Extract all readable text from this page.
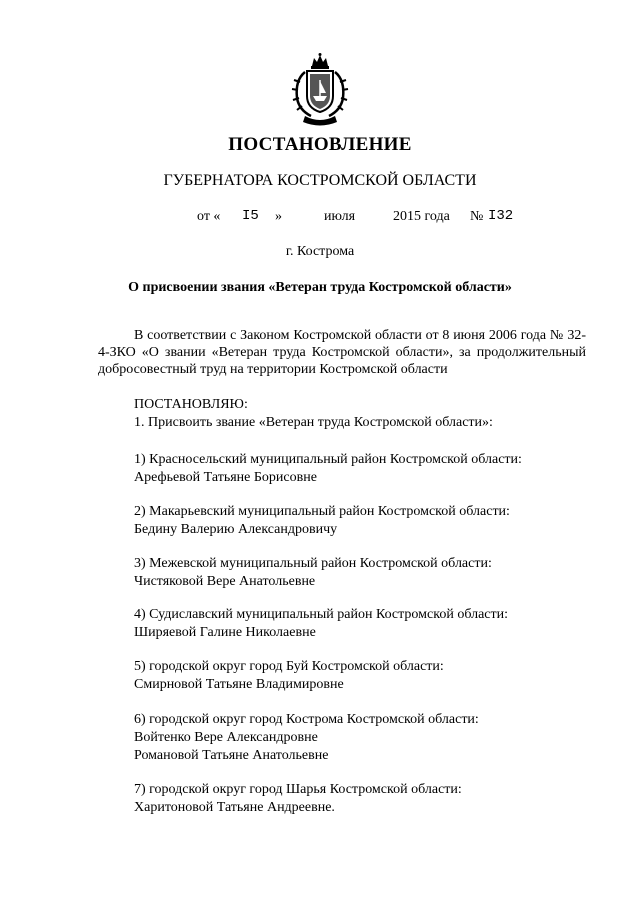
ПОСТАНОВЛЕНИЕ
ГУБЕРНАТОРА КОСТРОМСКОЙ ОБЛАСТИ
от « I5 »	июля	2015 года № I32
г. Кострома
О присвоении звания «Ветеран труда Костромской области»
В соответствии с Законом Костромской области от 8 июня 2006 года № 32-4-ЗКО «О звании «Ветеран труда Костромской области», за продолжительный добросовестный труд на территории Костромской области
ПОСТАНОВЛЯЮ:
1. Присвоить звание «Ветеран труда Костромской области»:
1) Красносельский муниципальный район Костромской области:
Арефьевой Татьяне Борисовне
2) Макарьевский муниципальный район Костромской области:
Бедину Валерию Александровичу
3) Межевской муниципальный район Костромской области:
Чистяковой Вере Анатольевне
4) Судиславский муниципальный район Костромской области:
Ширяевой Галине Николаевне
5) городской округ город Буй Костромской области:
Смирновой Татьяне Владимировне
6) городской округ город Кострома Костромской области:
Войтенко Вере Александровне
Романовой Татьяне Анатольевне
7) городской округ город Шарья Костромской области:
Харитоновой Татьяне Андреевне.
